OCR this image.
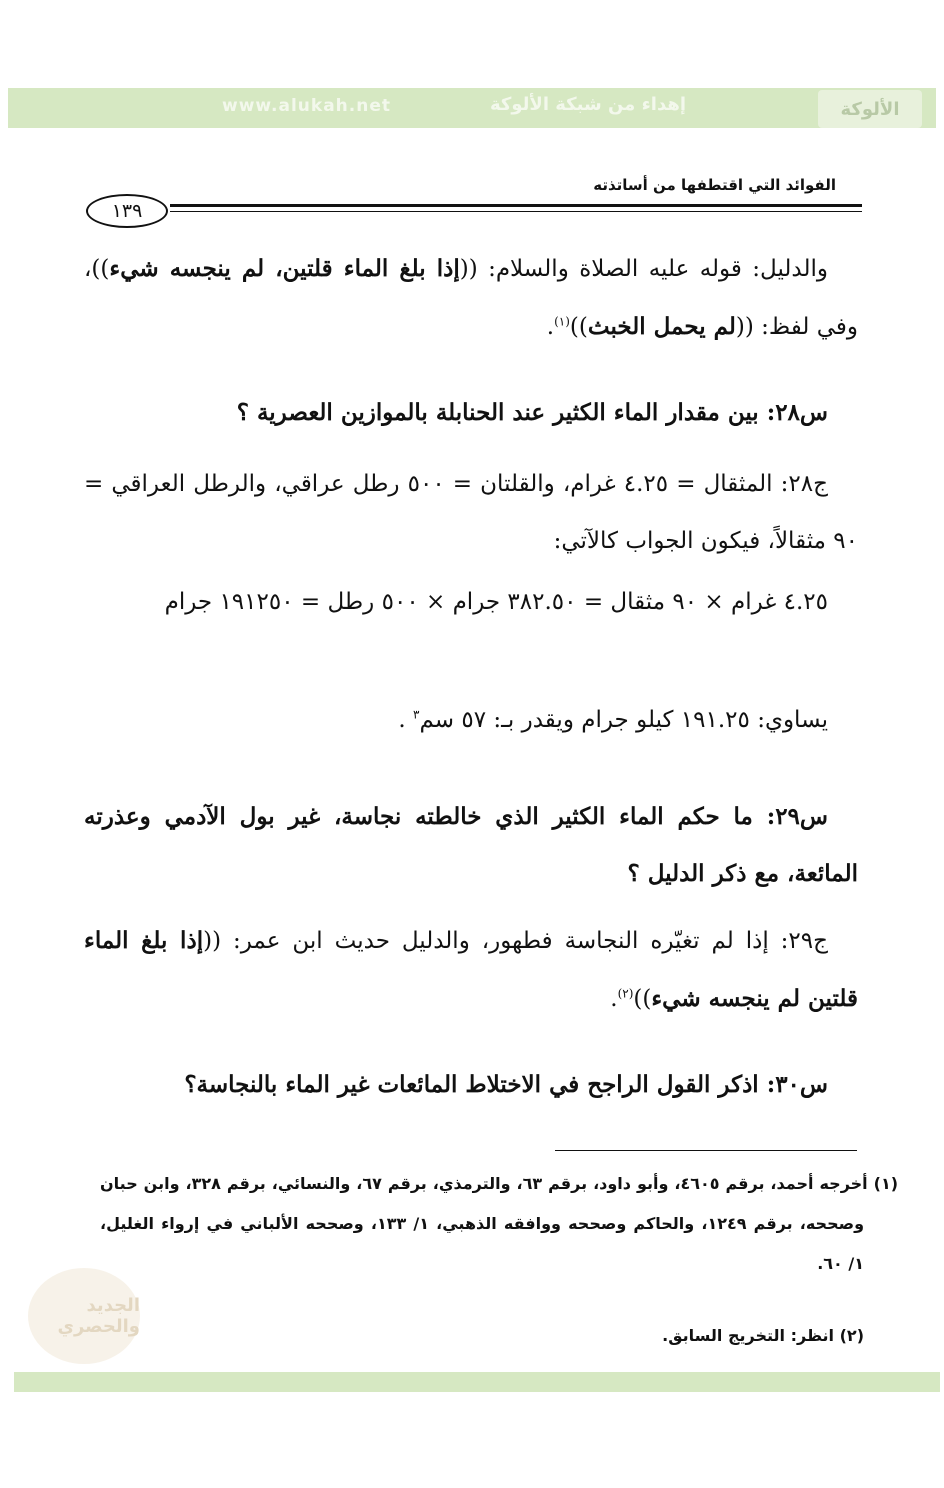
www.alukah.net	إهداء من شبكة الألوكة	الألوكة
الفوائد التي اقتطفها من أساتذته
١٣٩

والدليل: قوله عليه الصلاة والسلام: ((إذا بلغ الماء قلتين، لم ينجسه شيء))، وفي لفظ: ((لم يحمل الخبث))$^{(١)}$.

س٢٨: بين مقدار الماء الكثير عند الحنابلة بالموازين العصرية ؟

ج٢٨: المثقال = ٤.٢٥ غرام، والقلتان = ٥٠٠ رطل عراقي، والرطل العراقي = ٩٠ مثقالاً، فيكون الجواب كالآتي:

٤.٢٥ غرام × ٩٠ مثقال = ٣٨٢.٥٠ جرام × ٥٠٠ رطل = ١٩١٢٥٠ جرام

يساوي: ١٩١.٢٥ كيلو جرام ويقدر بـ: ٥٧ سم$^٣$ .

س٢٩: ما حكم الماء الكثير الذي خالطته نجاسة، غير بول الآدمي وعذرته المائعة، مع ذكر الدليل ؟

ج٢٩: إذا لم تغيّره النجاسة فطهور، والدليل حديث ابن عمر: ((إذا بلغ الماء قلتين لم ينجسه شيء))$^{(٢)}$.

س٣٠: اذكر القول الراجح في الاختلاط المائعات غير الماء بالنجاسة؟

(١) أخرجه أحمد، برقم ٤٦٠٥، وأبو داود، برقم ٦٣، والترمذي، برقم ٦٧، والنسائي، برقم ٣٢٨، وابن حبان وصححه، برقم ١٢٤٩، والحاكم وصححه ووافقه الذهبي، ١/ ١٣٣، وصححه الألباني في إرواء الغليل، ١/ ٦٠.

(٢) انظر: التخريج السابق.

الجديد والحصري
